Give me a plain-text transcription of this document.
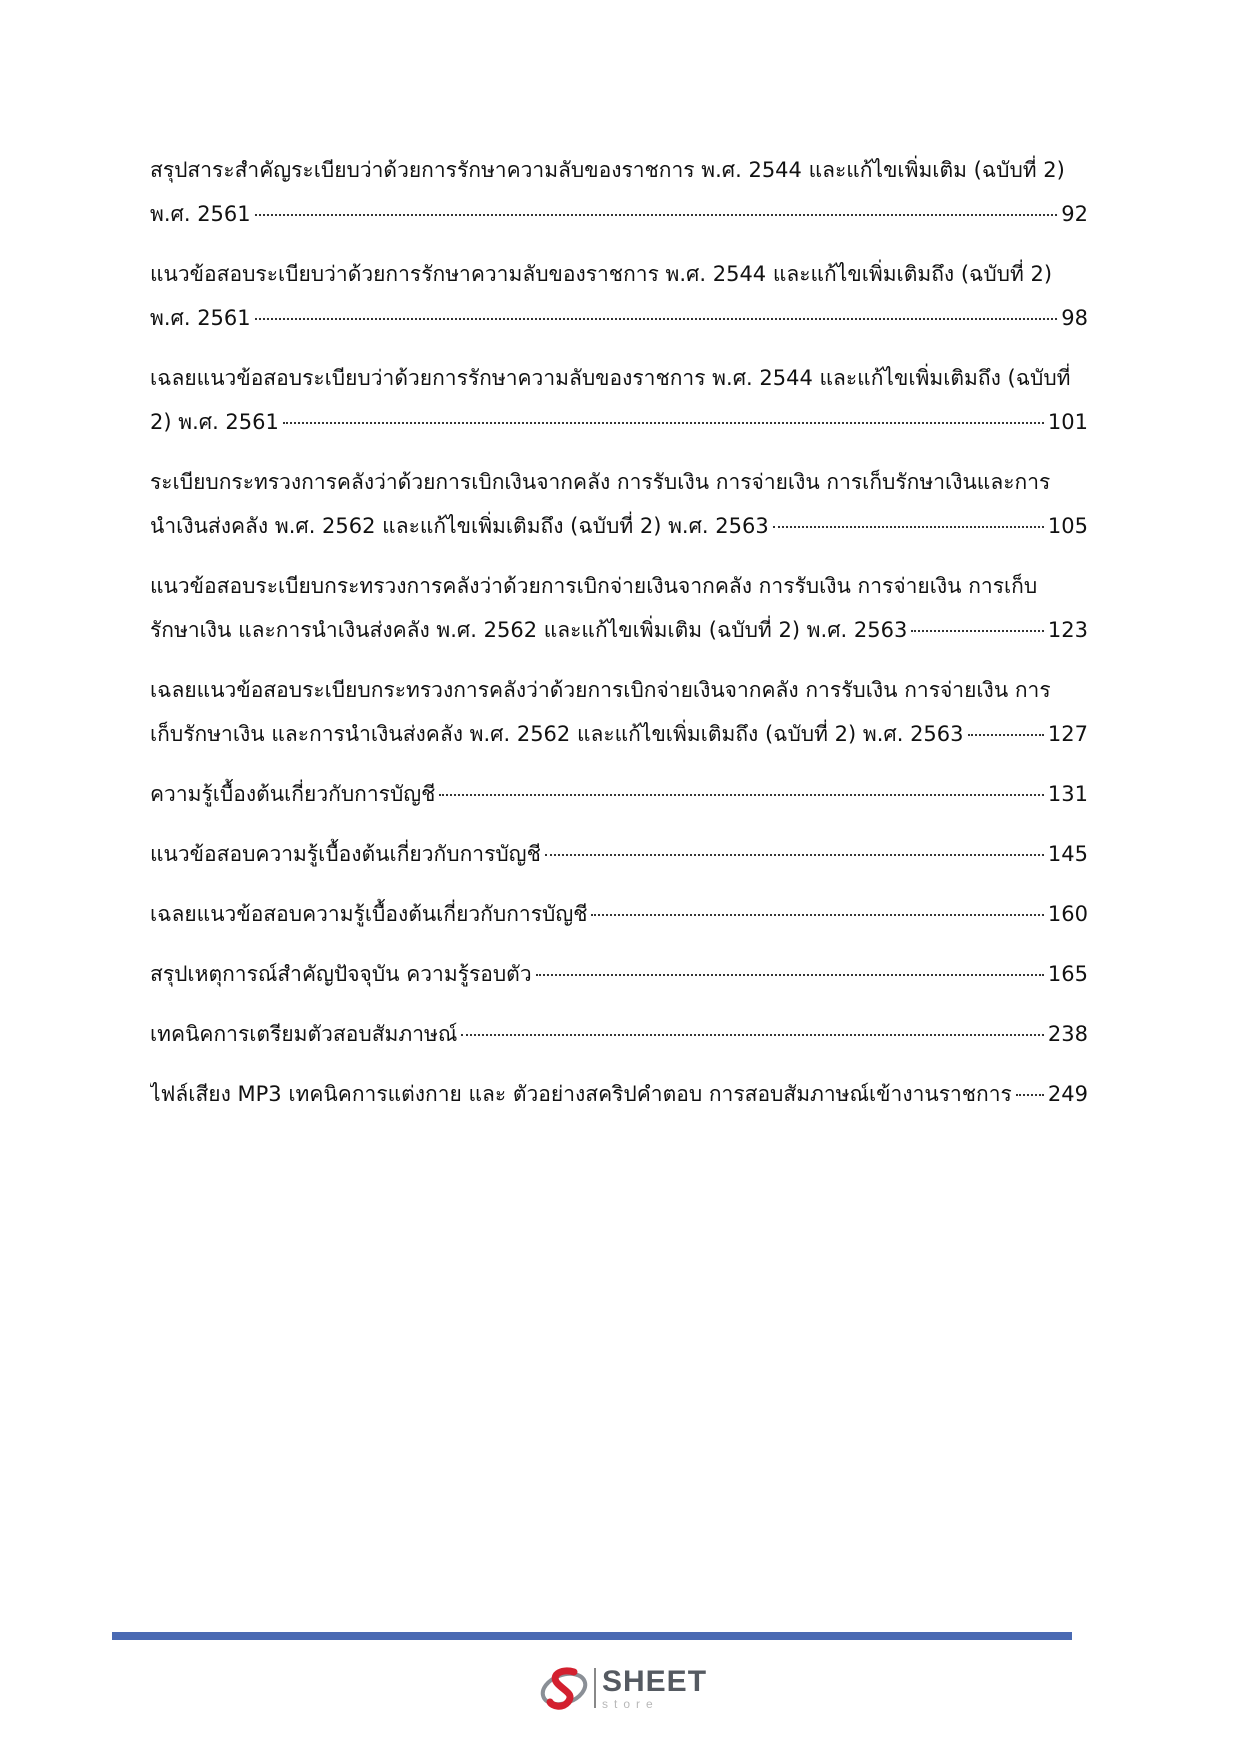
สรุปสาระสำคัญระเบียบว่าด้วยการรักษาความลับของราชการ พ.ศ. 2544 และแก้ไขเพิ่มเติม (ฉบับที่ 2)
พ.ศ. 2561	92
แนวข้อสอบระเบียบว่าด้วยการรักษาความลับของราชการ พ.ศ. 2544 และแก้ไขเพิ่มเติมถึง (ฉบับที่ 2)
พ.ศ. 2561	98
เฉลยแนวข้อสอบระเบียบว่าด้วยการรักษาความลับของราชการ พ.ศ. 2544 และแก้ไขเพิ่มเติมถึง (ฉบับที่
2) พ.ศ. 2561	101
ระเบียบกระทรวงการคลังว่าด้วยการเบิกเงินจากคลัง การรับเงิน การจ่ายเงิน การเก็บรักษาเงินและการ
นำเงินส่งคลัง พ.ศ. 2562 และแก้ไขเพิ่มเติมถึง (ฉบับที่ 2) พ.ศ. 2563	105
แนวข้อสอบระเบียบกระทรวงการคลังว่าด้วยการเบิกจ่ายเงินจากคลัง การรับเงิน การจ่ายเงิน การเก็บ
รักษาเงิน และการนำเงินส่งคลัง พ.ศ. 2562 และแก้ไขเพิ่มเติม (ฉบับที่ 2) พ.ศ. 2563	123
เฉลยแนวข้อสอบระเบียบกระทรวงการคลังว่าด้วยการเบิกจ่ายเงินจากคลัง การรับเงิน การจ่ายเงิน การ
เก็บรักษาเงิน และการนำเงินส่งคลัง พ.ศ. 2562 และแก้ไขเพิ่มเติมถึง (ฉบับที่ 2) พ.ศ. 2563	127
ความรู้เบื้องต้นเกี่ยวกับการบัญชี	131
แนวข้อสอบความรู้เบื้องต้นเกี่ยวกับการบัญชี	145
เฉลยแนวข้อสอบความรู้เบื้องต้นเกี่ยวกับการบัญชี	160
สรุปเหตุการณ์สำคัญปัจจุบัน ความรู้รอบตัว	165
เทคนิคการเตรียมตัวสอบสัมภาษณ์	238
ไฟล์เสียง MP3 เทคนิคการแต่งกาย และ ตัวอย่างสคริปคำตอบ การสอบสัมภาษณ์เข้างานราชการ 249
SHEET
store
